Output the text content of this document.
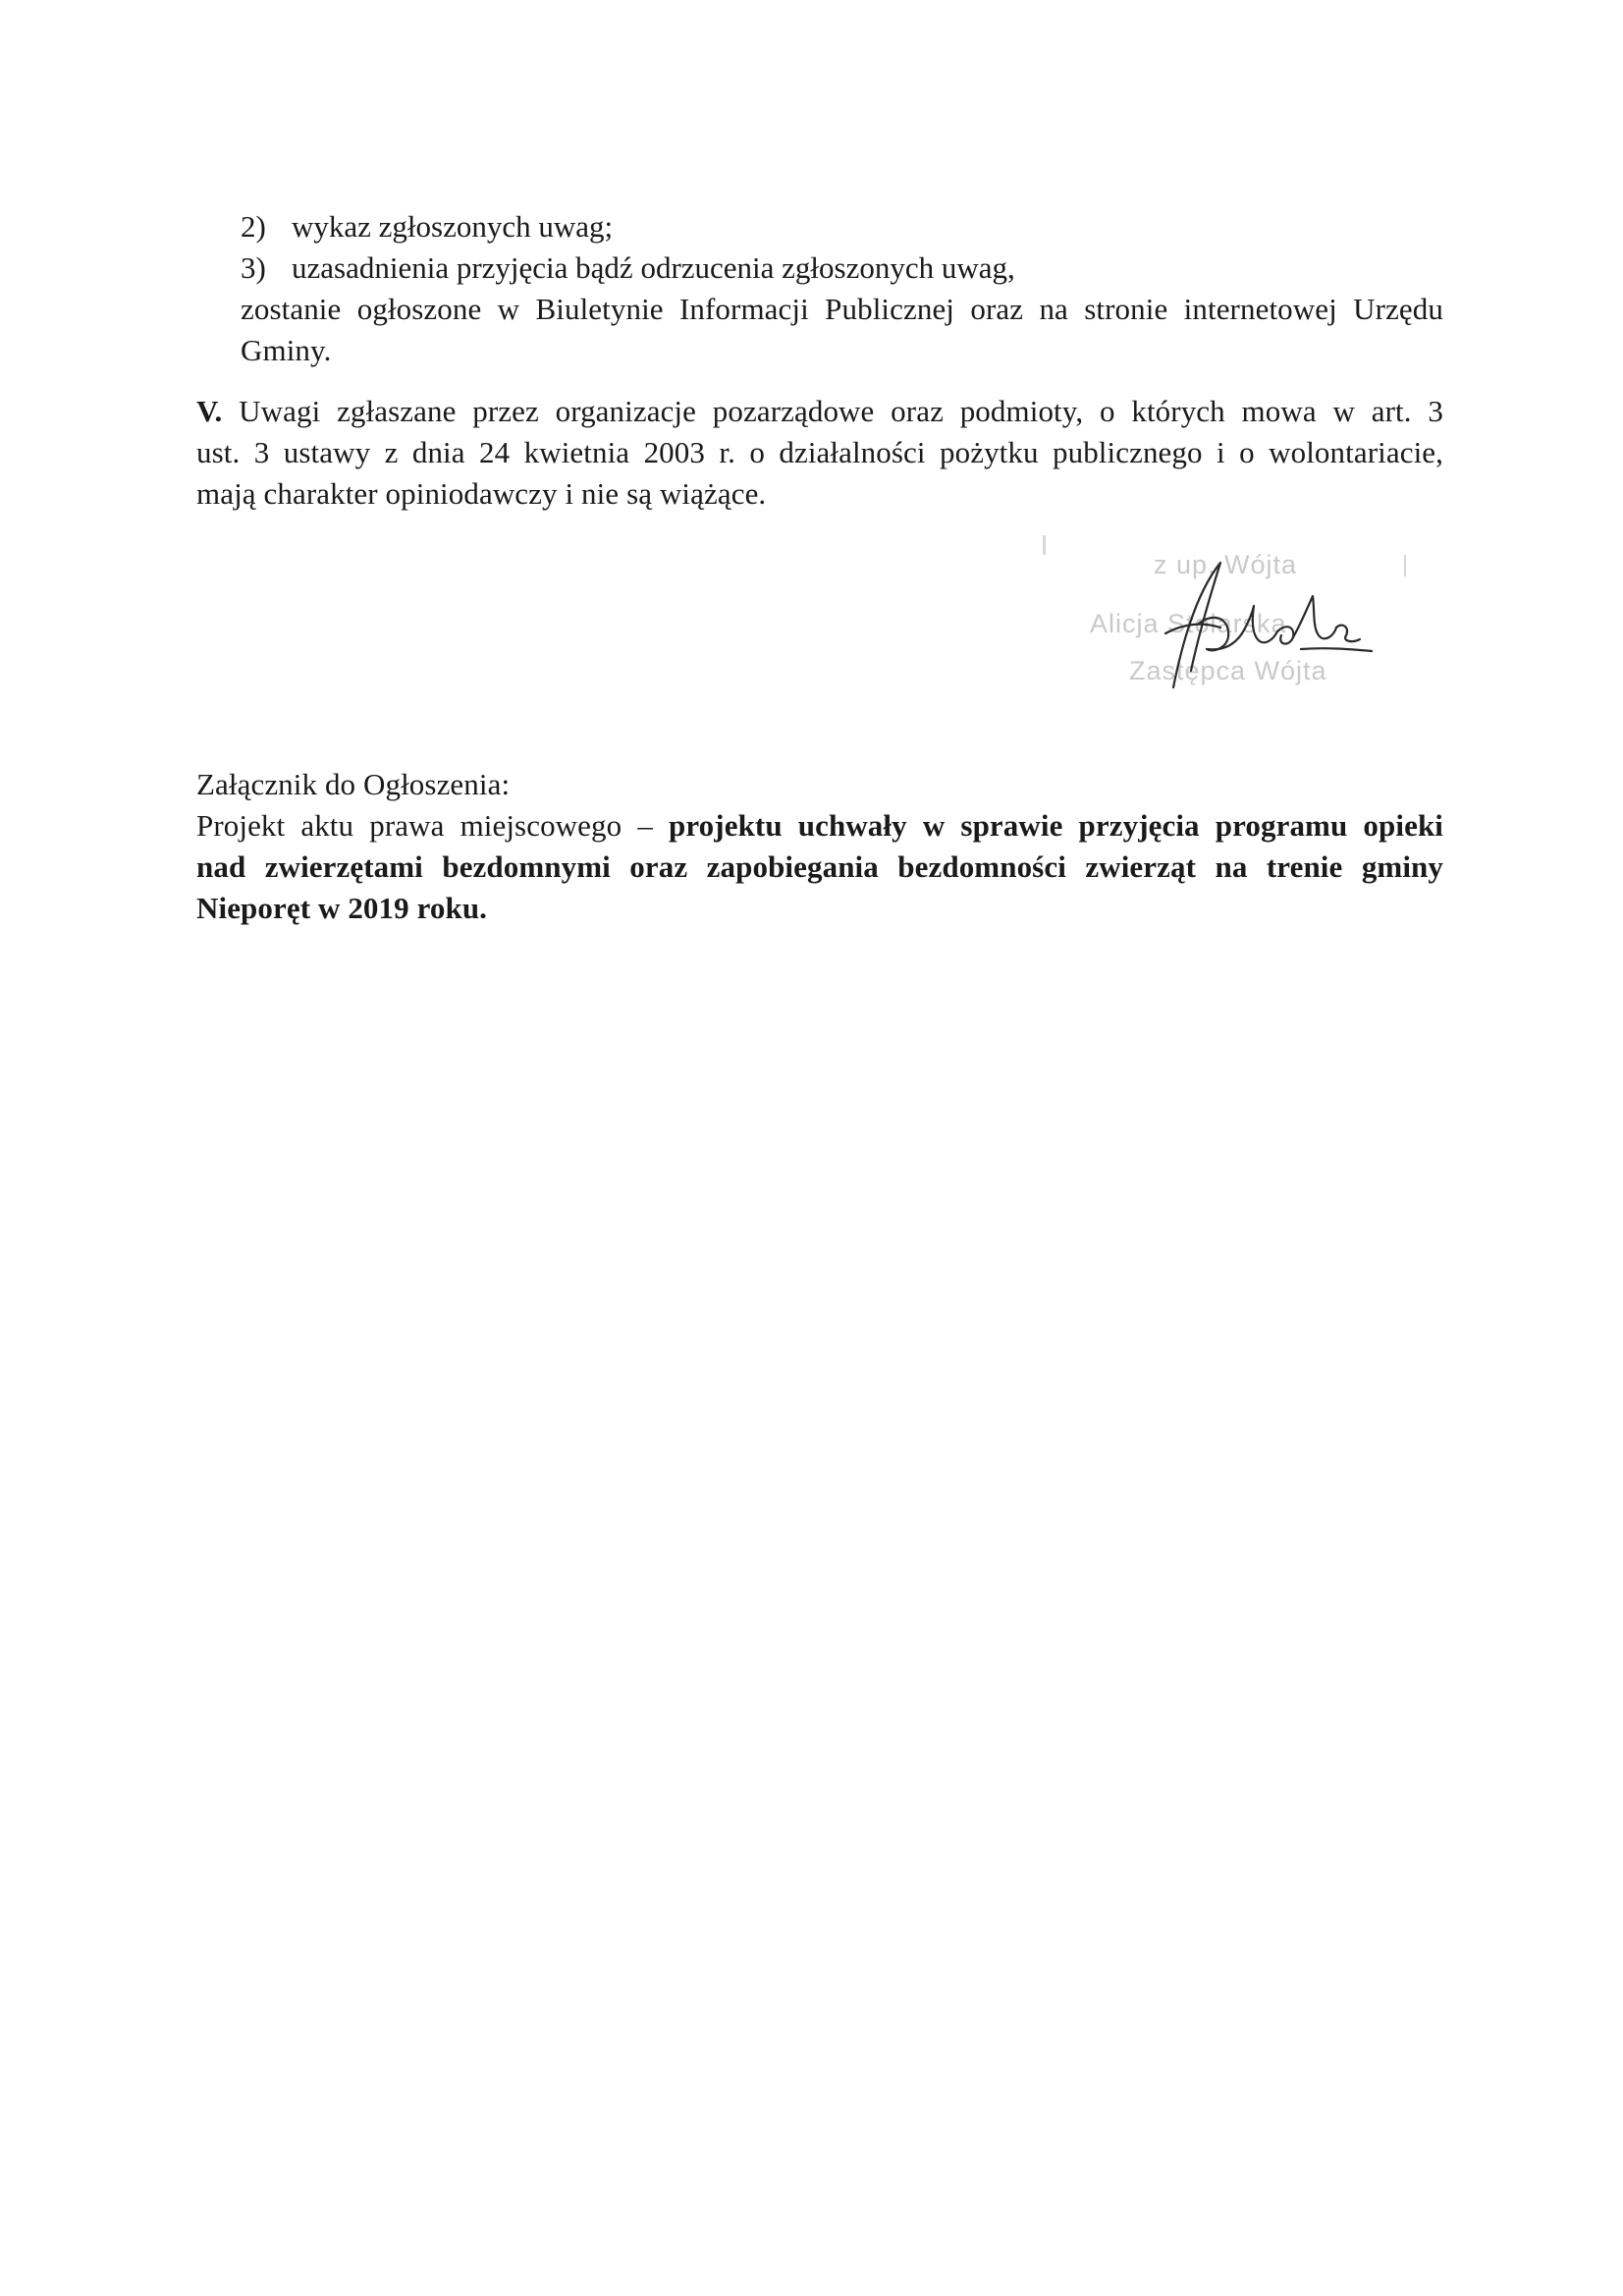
2) wykaz zgłoszonych uwag;
3) uzasadnienia przyjęcia bądź odrzucenia zgłoszonych uwag,
zostanie ogłoszone w Biuletynie Informacji Publicznej oraz na stronie internetowej Urzędu
Gminy.
V. Uwagi zgłaszane przez organizacje pozarządowe oraz podmioty, o których mowa w art. 3
ust. 3 ustawy z dnia 24 kwietnia 2003 r. o działalności pożytku publicznego i o wolontariacie,
mają charakter opiniodawczy i nie są wiążące.
z up. Wójta
Alicja Stolarska
Zastępca Wójta
Załącznik do Ogłoszenia:
Projekt aktu prawa miejscowego – projektu uchwały w sprawie przyjęcia programu opieki
nad zwierzętami bezdomnymi oraz zapobiegania bezdomności zwierząt na trenie gminy
Nieporęt w 2019 roku.
